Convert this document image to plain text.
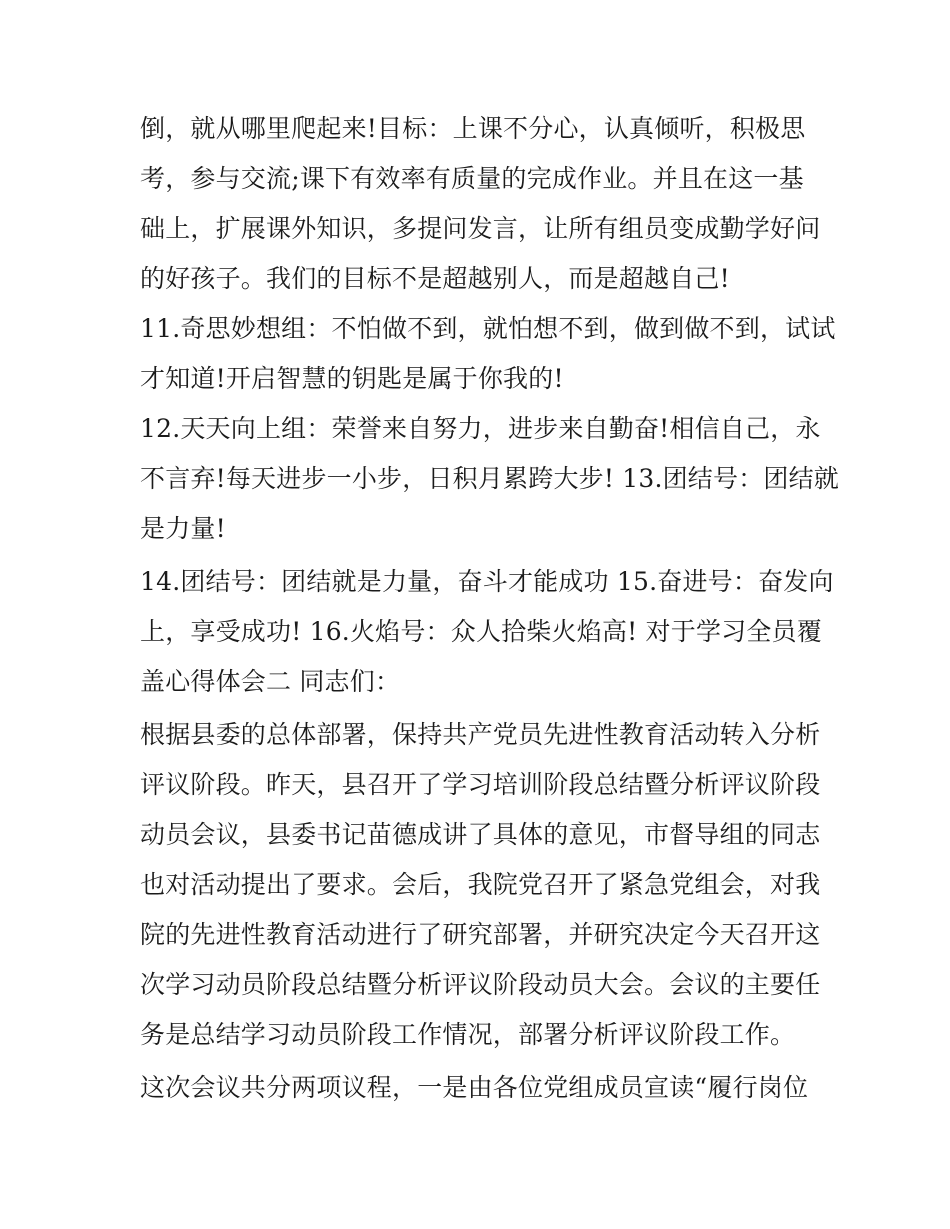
倒，就从哪里爬起来!目标：上课不分心，认真倾听，积极思
考，参与交流;课下有效率有质量的完成作业。并且在这一基
础上，扩展课外知识，多提问发言，让所有组员变成勤学好问
的好孩子。我们的目标不是超越别人，而是超越自己!
11.奇思妙想组：不怕做不到，就怕想不到，做到做不到，试试
才知道!开启智慧的钥匙是属于你我的!
12.天天向上组：荣誉来自努力，进步来自勤奋!相信自己，永
不言弃!每天进步一小步，日积月累跨大步! 13.团结号：团结就
是力量!
14.团结号：团结就是力量，奋斗才能成功 15.奋进号：奋发向
上，享受成功! 16.火焰号：众人拾柴火焰高! 对于学习全员覆
盖心得体会二 同志们：
根据县委的总体部署，保持共产党员先进性教育活动转入分析
评议阶段。昨天，县召开了学习培训阶段总结暨分析评议阶段
动员会议，县委书记苗德成讲了具体的意见，市督导组的同志
也对活动提出了要求。会后，我院党召开了紧急党组会，对我
院的先进性教育活动进行了研究部署，并研究决定今天召开这
次学习动员阶段总结暨分析评议阶段动员大会。会议的主要任
务是总结学习动员阶段工作情况，部署分析评议阶段工作。
这次会议共分两项议程，一是由各位党组成员宣读“履行岗位
